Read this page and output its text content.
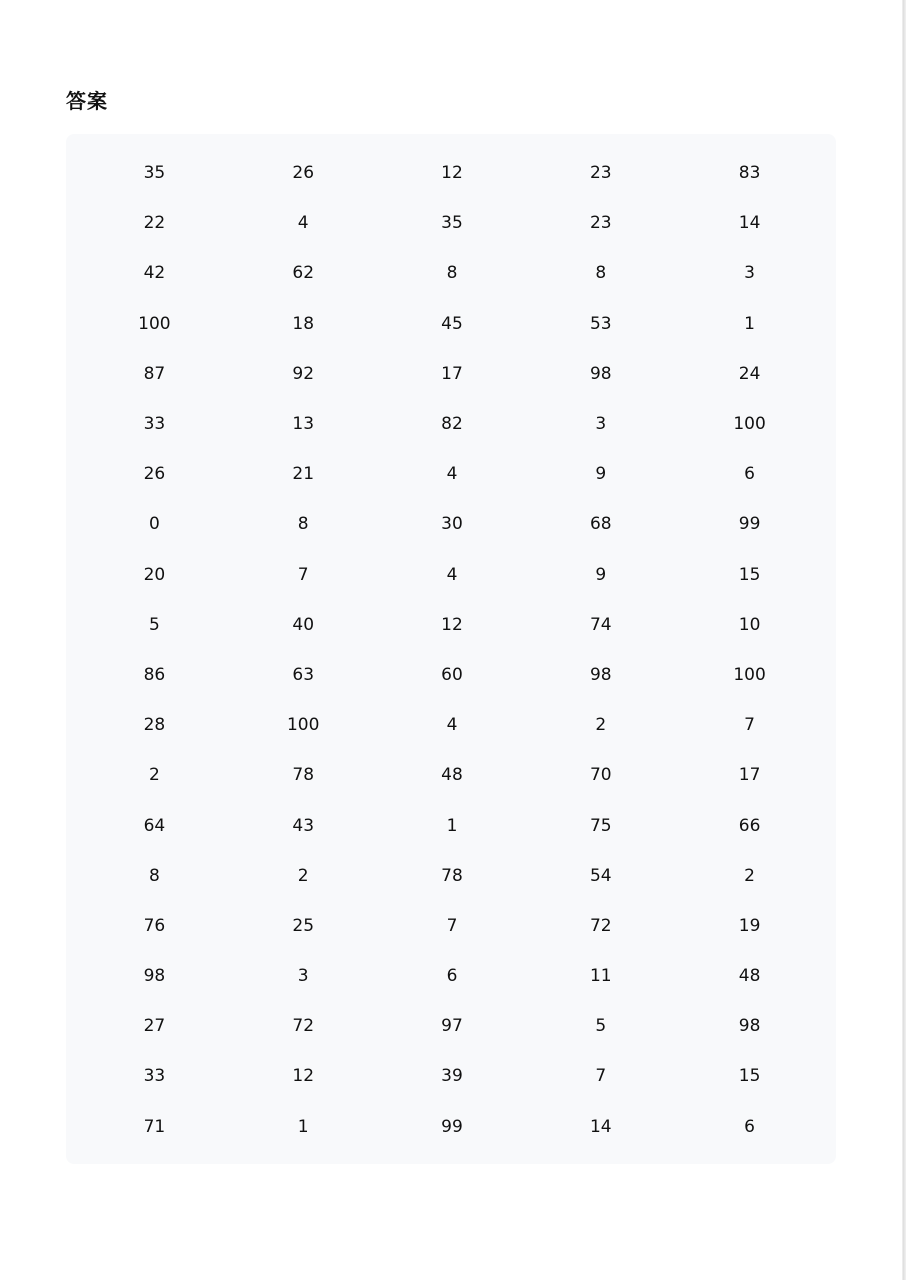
答案
35	26	12	23	83
22	4	35	23	14
42	62	8	8	3
100	18	45	53	1
87	92	17	98	24
33	13	82	3	100
26	21	4	9	6
0	8	30	68	99
20	7	4	9	15
5	40	12	74	10
86	63	60	98	100
28	100	4	2	7
2	78	48	70	17
64	43	1	75	66
8	2	78	54	2
76	25	7	72	19
98	3	6	11	48
27	72	97	5	98
33	12	39	7	15
71	1	99	14	6
